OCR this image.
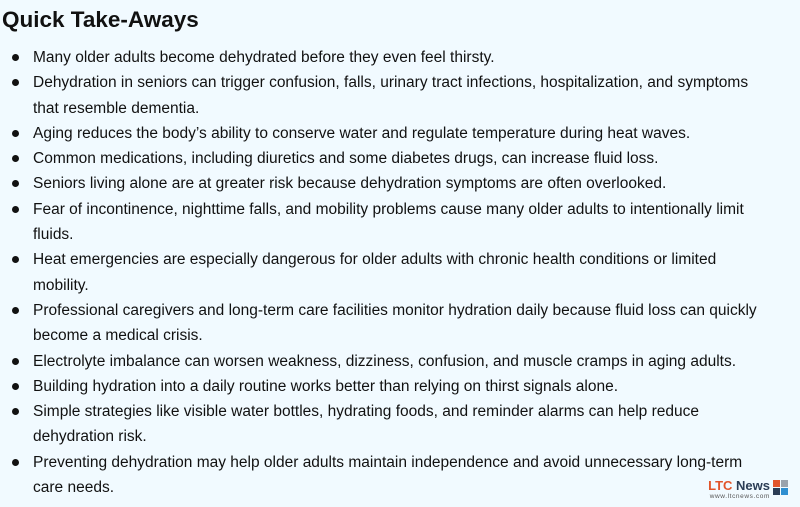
Quick Take-Aways
Many older adults become dehydrated before they even feel thirsty.
Dehydration in seniors can trigger confusion, falls, urinary tract infections, hospitalization, and symptoms that resemble dementia.
Aging reduces the body’s ability to conserve water and regulate temperature during heat waves.
Common medications, including diuretics and some diabetes drugs, can increase fluid loss.
Seniors living alone are at greater risk because dehydration symptoms are often overlooked.
Fear of incontinence, nighttime falls, and mobility problems cause many older adults to intentionally limit fluids.
Heat emergencies are especially dangerous for older adults with chronic health conditions or limited mobility.
Professional caregivers and long-term care facilities monitor hydration daily because fluid loss can quickly become a medical crisis.
Electrolyte imbalance can worsen weakness, dizziness, confusion, and muscle cramps in aging adults.
Building hydration into a daily routine works better than relying on thirst signals alone.
Simple strategies like visible water bottles, hydrating foods, and reminder alarms can help reduce dehydration risk.
Preventing dehydration may help older adults maintain independence and avoid unnecessary long-term care needs.	LTC News
www.ltcnews.com
